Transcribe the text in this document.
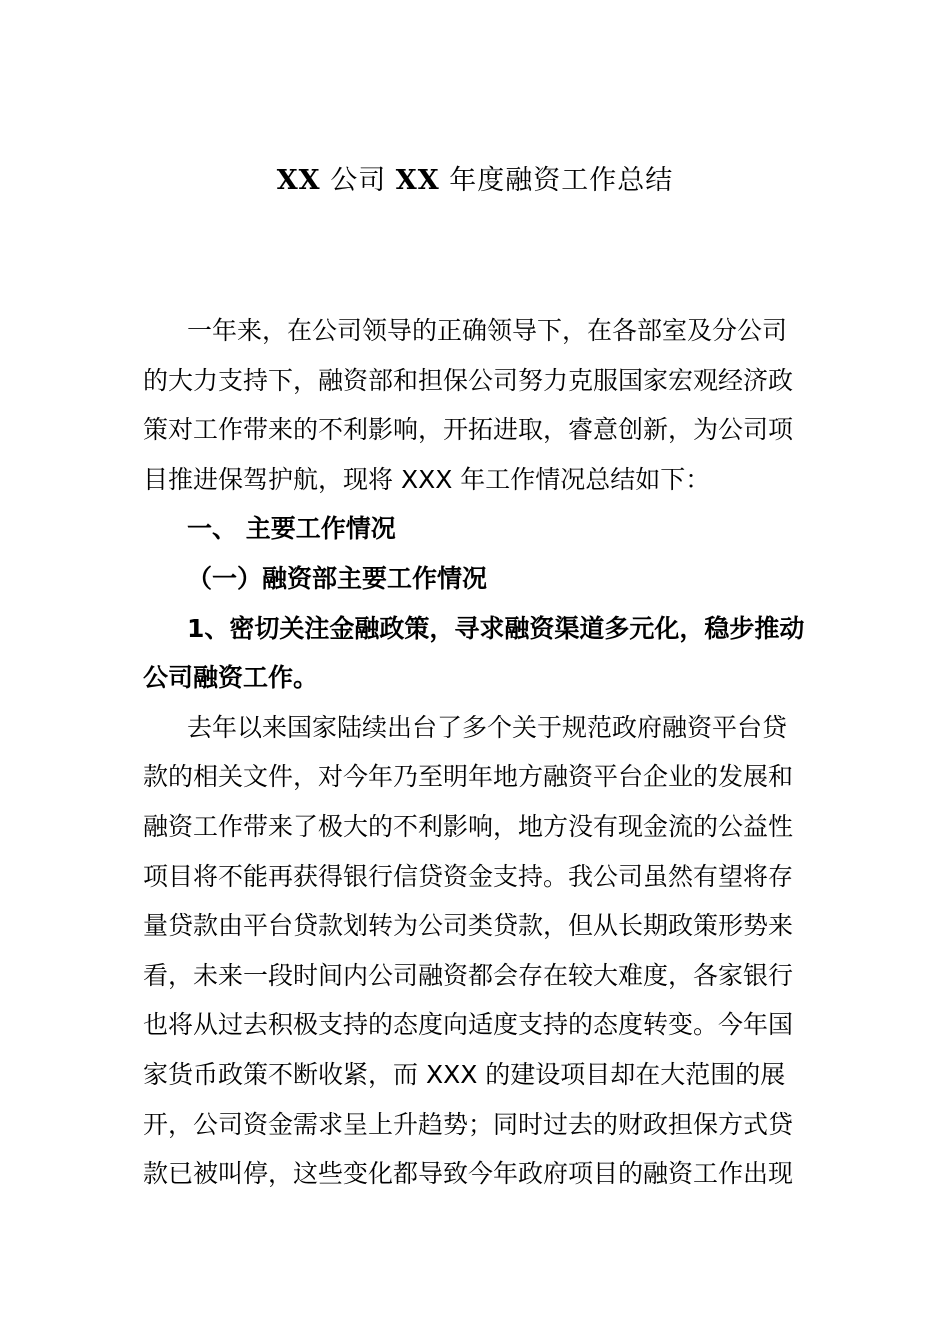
XX 公司 XX 年度融资工作总结
一年来，在公司领导的正确领导下，在各部室及分公司
的大力支持下，融资部和担保公司努力克服国家宏观经济政
策对工作带来的不利影响，开拓进取，睿意创新，为公司项
目推进保驾护航，现将 XXX 年工作情况总结如下：
一、 主要工作情况
（一）融资部主要工作情况
1、密切关注金融政策，寻求融资渠道多元化，稳步推动
公司融资工作。
去年以来国家陆续出台了多个关于规范政府融资平台贷
款的相关文件，对今年乃至明年地方融资平台企业的发展和
融资工作带来了极大的不利影响，地方没有现金流的公益性
项目将不能再获得银行信贷资金支持。我公司虽然有望将存
量贷款由平台贷款划转为公司类贷款，但从长期政策形势来
看，未来一段时间内公司融资都会存在较大难度，各家银行
也将从过去积极支持的态度向适度支持的态度转变。今年国
家货币政策不断收紧，而 XXX 的建设项目却在大范围的展
开，公司资金需求呈上升趋势；同时过去的财政担保方式贷
款已被叫停，这些变化都导致今年政府项目的融资工作出现
